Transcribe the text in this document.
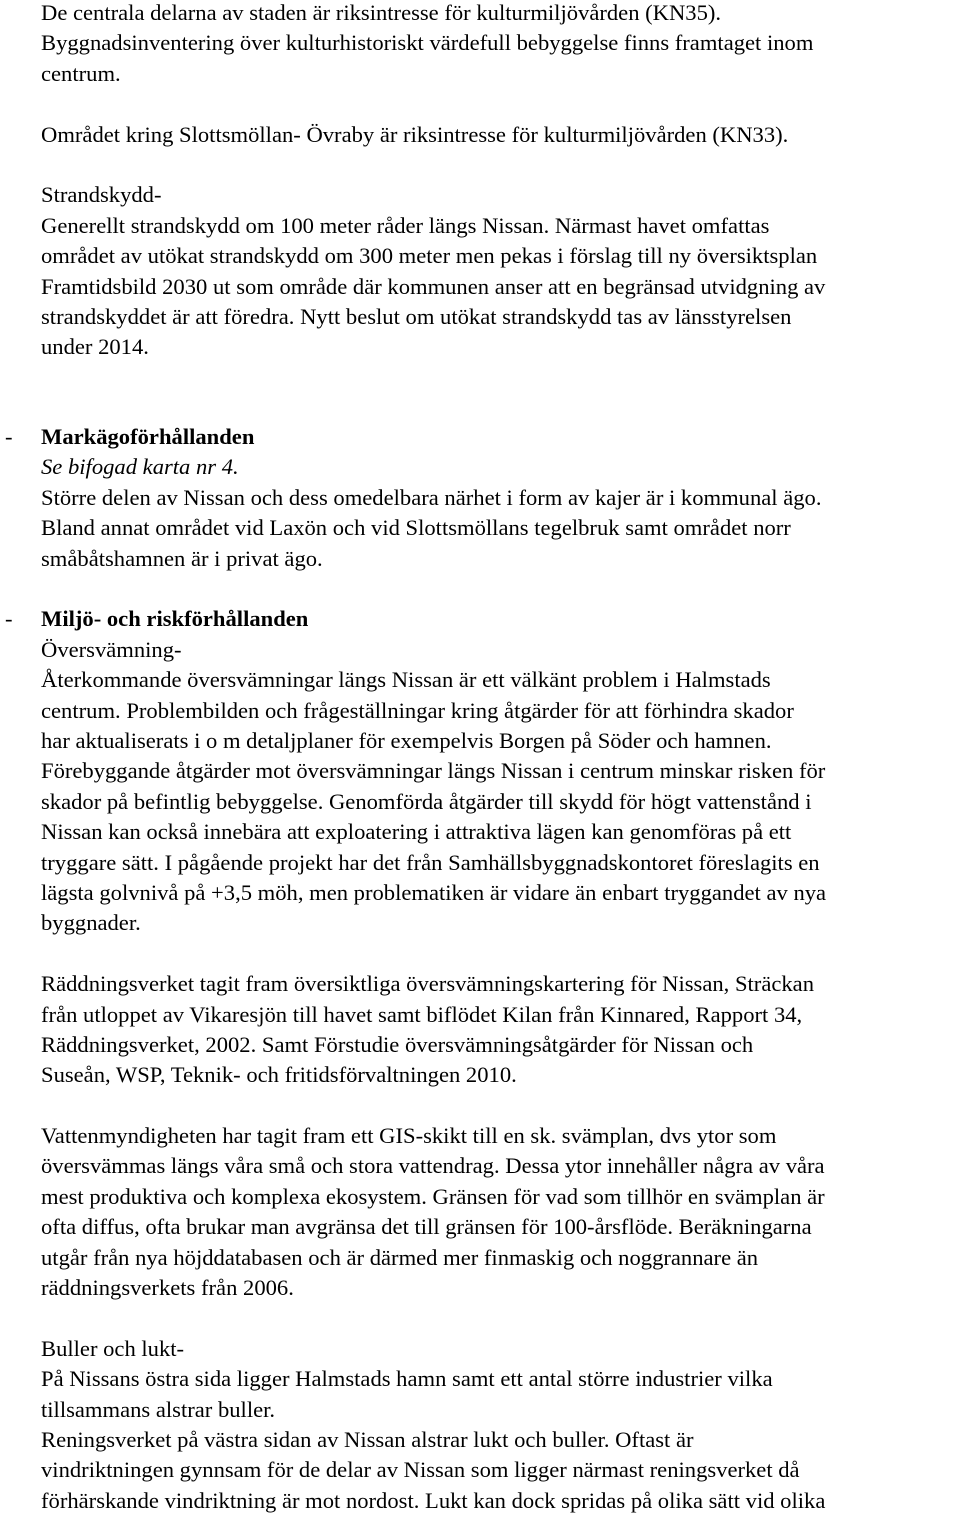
De centrala delarna av staden är riksintresse för kulturmiljövården (KN35).
Byggnadsinventering över kulturhistoriskt värdefull bebyggelse finns framtaget inom
centrum.
Området kring Slottsmöllan- Övraby är riksintresse för kulturmiljövården (KN33).
Strandskydd-
Generellt strandskydd om 100 meter råder längs Nissan. Närmast havet omfattas
området av utökat strandskydd om 300 meter men pekas i förslag till ny översiktsplan
Framtidsbild 2030 ut som område där kommunen anser att en begränsad utvidgning av
strandskyddet är att föredra. Nytt beslut om utökat strandskydd tas av länsstyrelsen
under 2014.
- Markägoförhållanden
Se bifogad karta nr 4.
Större delen av Nissan och dess omedelbara närhet i form av kajer är i kommunal ägo.
Bland annat området vid Laxön och vid Slottsmöllans tegelbruk samt området norr
småbåtshamnen är i privat ägo.
- Miljö- och riskförhållanden
Översvämning-
Återkommande översvämningar längs Nissan är ett välkänt problem i Halmstads
centrum. Problembilden och frågeställningar kring åtgärder för att förhindra skador
har aktualiserats i o m detaljplaner för exempelvis Borgen på Söder och hamnen.
Förebyggande åtgärder mot översvämningar längs Nissan i centrum minskar risken för
skador på befintlig bebyggelse. Genomförda åtgärder till skydd för högt vattenstånd i
Nissan kan också innebära att exploatering i attraktiva lägen kan genomföras på ett
tryggare sätt. I pågående projekt har det från Samhällsbyggnadskontoret föreslagits en
lägsta golvnivå på +3,5 möh, men problematiken är vidare än enbart tryggandet av nya
byggnader.
Räddningsverket tagit fram översiktliga översvämningskartering för Nissan, Sträckan
från utloppet av Vikaresjön till havet samt biflödet Kilan från Kinnared, Rapport 34,
Räddningsverket, 2002. Samt Förstudie översvämningsåtgärder för Nissan och
Suseån, WSP, Teknik- och fritidsförvaltningen 2010.
Vattenmyndigheten har tagit fram ett GIS-skikt till en sk. svämplan, dvs ytor som
översvämmas längs våra små och stora vattendrag. Dessa ytor innehåller några av våra
mest produktiva och komplexa ekosystem. Gränsen för vad som tillhör en svämplan är
ofta diffus, ofta brukar man avgränsa det till gränsen för 100-årsflöde. Beräkningarna
utgår från nya höjddatabasen och är därmed mer finmaskig och noggrannare än
räddningsverkets från 2006.
Buller och lukt-
På Nissans östra sida ligger Halmstads hamn samt ett antal större industrier vilka
tillsammans alstrar buller.
Reningsverket på västra sidan av Nissan alstrar lukt och buller. Oftast är
vindriktningen gynnsam för de delar av Nissan som ligger närmast reningsverket då
förhärskande vindriktning är mot nordost. Lukt kan dock spridas på olika sätt vid olika
